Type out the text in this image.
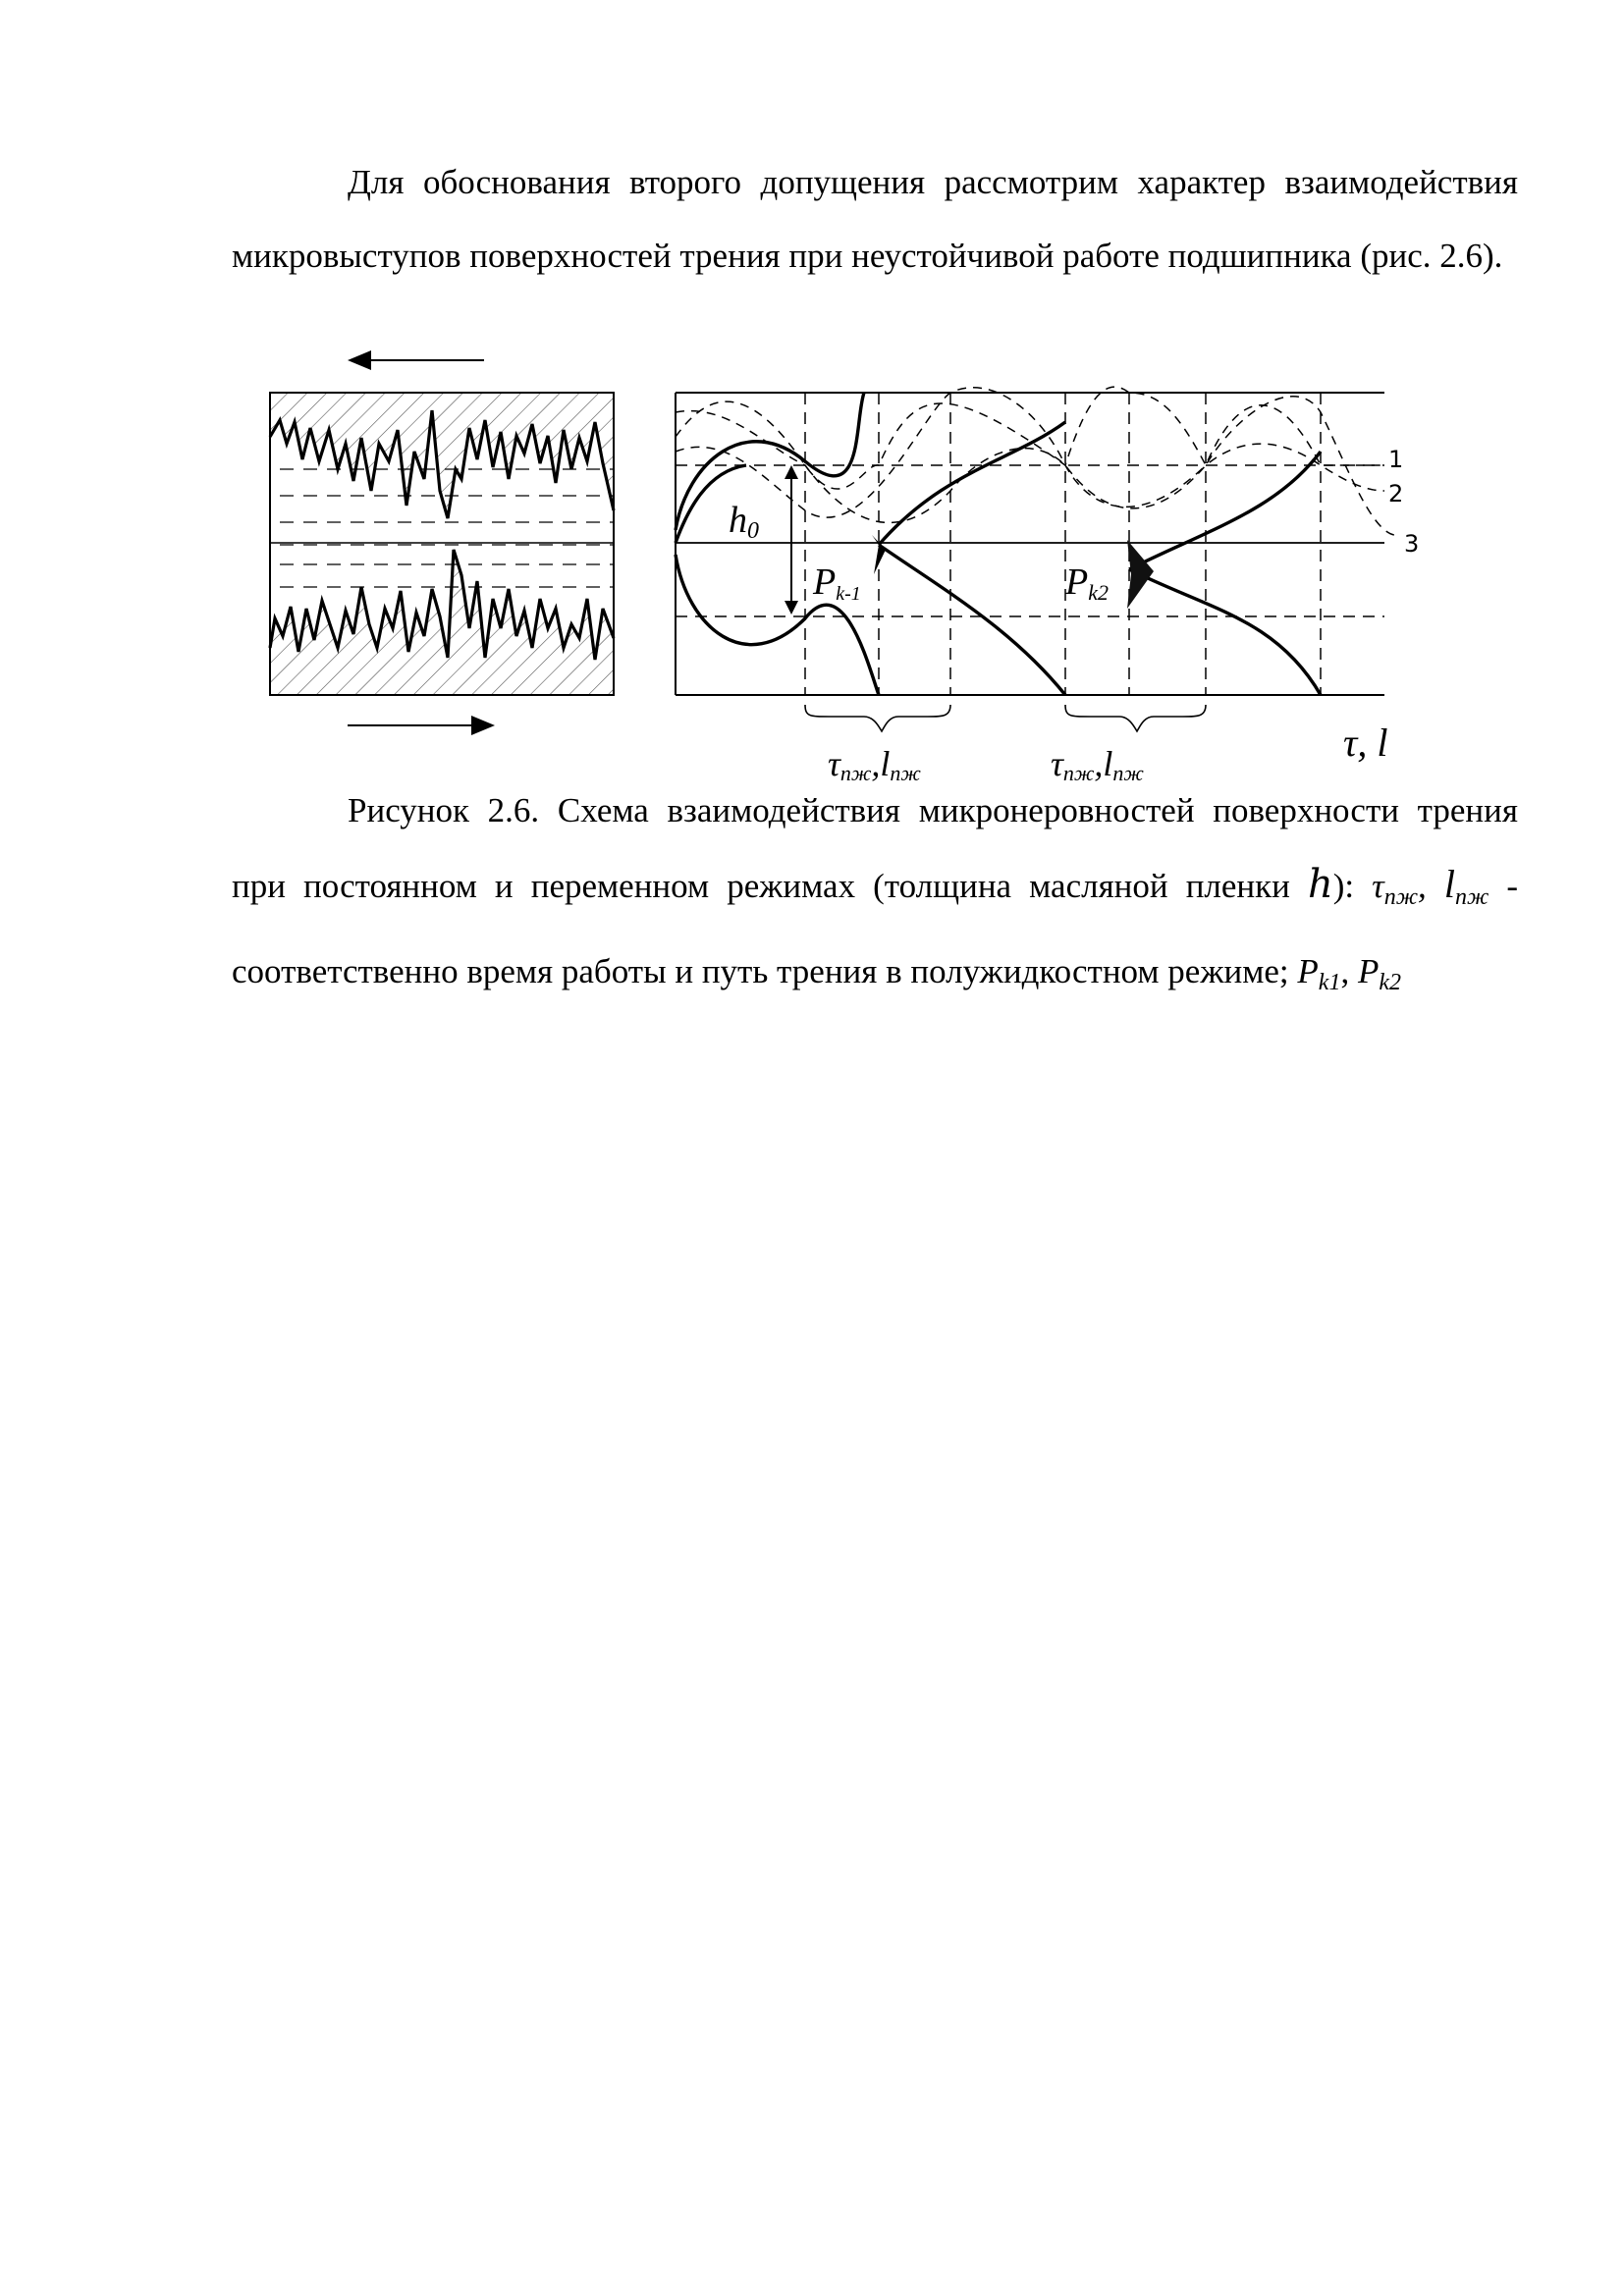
Для обоснования второго допущения рассмотрим характер взаимодействия микровыступов поверхностей трения при неустойчивой работе подшипника (рис. 2.6).

1
2
3
h0
Pk-1	Pk2
τпж,lпж	τпж,lпж
τ, l

Рисунок 2.6. Схема взаимодействия микронеровностей поверхности трения при постоянном и переменном режимах (толщина масляной пленки h): $\tau_{пж}$, $l_{пж}$ - соответственно время работы и путь трения в полужидкостном режиме; $P_{k1}$, $P_{k2}$
